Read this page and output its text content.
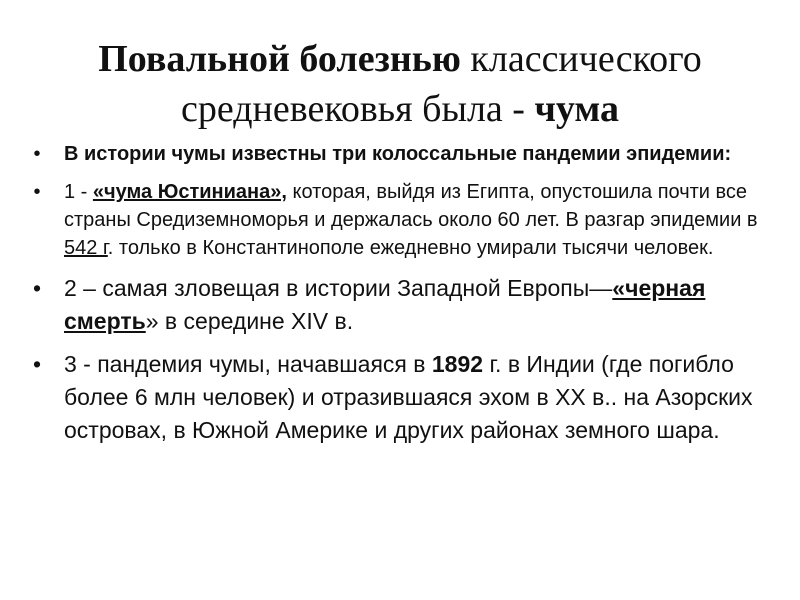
Повальной болезнью классического средневековья была - чума
• В истории чумы известны три колоссальные пандемии эпидемии:
• 1 - «чума Юстиниана», которая, выйдя из Египта, опустошила почти все страны Средиземноморья и держалась около 60 лет. В разгар эпидемии в 542 г. только в Константинополе ежедневно умирали тысячи человек.
• 2 – самая зловещая в истории Западной Европы—«черная смерть» в середине XIV в.
• 3 - пандемия чумы, начавшаяся в 1892 г. в Индии (где погибло более 6 млн человек) и отразившаяся эхом в XX в.. на Азорских островах, в Южной Америке и других районах земного шара.
